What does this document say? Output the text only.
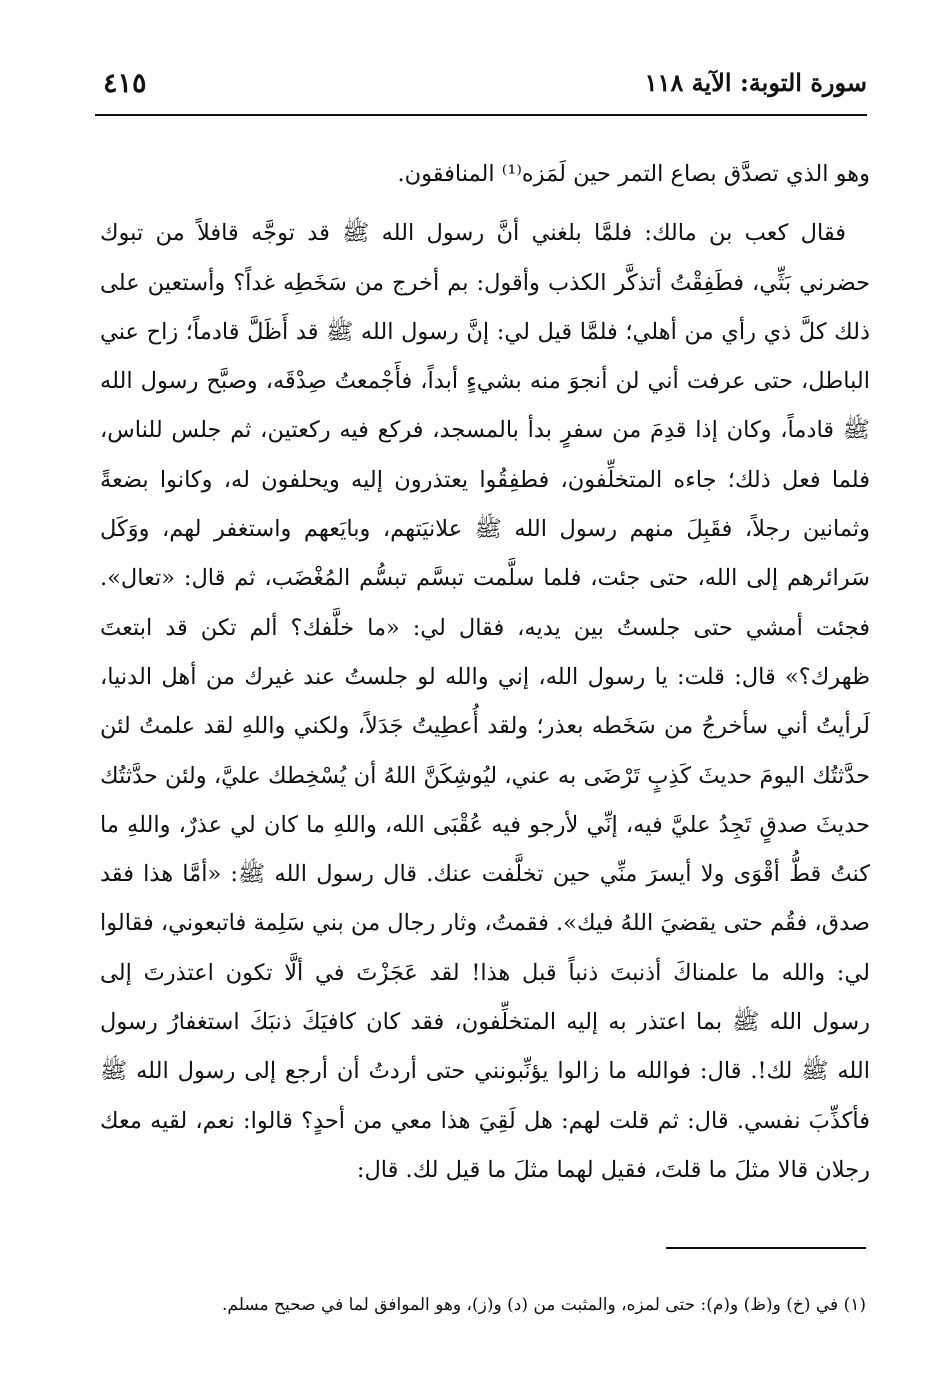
سورة التوبة: الآية ١١٨
٤١٥

وهو الذي تصدَّق بصاع التمر حين لَمَزه⁽¹⁾ المنافقون.

فقال كعب بن مالك: فلمَّا بلغني أنَّ رسول الله ﷺ قد توجَّه قافلاً من تبوك حضرني بَثِّي، فطَفِقْتُ أتذكَّر الكذب وأقول: بم أخرج من سَخَطِه غداً؟ وأستعين على ذلك كلَّ ذي رأي من أهلي؛ فلمَّا قيل لي: إنَّ رسول الله ﷺ قد أَظَلَّ قادماً؛ زاح عني الباطل، حتى عرفت أني لن أنجوَ منه بشيءٍ أبداً، فأَجْمعتُ صِدْقَه، وصبَّح رسول الله ﷺ قادماً، وكان إذا قدِمَ من سفرٍ بدأ بالمسجد، فركع فيه ركعتين، ثم جلس للناس، فلما فعل ذلك؛ جاءه المتخلِّفون، فطفِقُوا يعتذرون إليه ويحلفون له، وكانوا بضعةً وثمانين رجلاً، فقَبِلَ منهم رسول الله ﷺ علانيَتهم، وبايَعهم واستغفر لهم، ووَكَل سَرائرهم إلى الله، حتى جئت، فلما سلَّمت تبسَّم تبسُّم المُغْضَب، ثم قال: «تعال». فجئت أمشي حتى جلستُ بين يديه، فقال لي: «ما خلَّفك؟ ألم تكن قد ابتعتَ ظهرك؟» قال: قلت: يا رسول الله، إني والله لو جلستُ عند غيرك من أهل الدنيا، لَرأيتُ أني سأخرجُ من سَخَطه بعذر؛ ولقد أُعطِيتُ جَدَلاً، ولكني واللهِ لقد علمتُ لئن حدَّثتُك اليومَ حديثَ كَذِبٍ تَرْضَى به عني، ليُوشِكَنَّ اللهُ أن يُسْخِطك عليَّ، ولئن حدَّثتُك حديثَ صدقٍ تَجِدُ عليَّ فيه، إنِّي لأرجو فيه عُقْبَى الله، واللهِ ما كان لي عذرٌ، واللهِ ما كنتُ قطُّ أقْوَى ولا أيسرَ منِّي حين تخلَّفت عنك. قال رسول الله ﷺ: «أمَّا هذا فقد صدق، فقُم حتى يقضيَ اللهُ فيك». فقمتُ، وثار رجال من بني سَلِمة فاتبعوني، فقالوا لي: والله ما علمناكَ أذنبتَ ذنباً قبل هذا! لقد عَجَزْتَ في ألَّا تكون اعتذرتَ إلى رسول الله ﷺ بما اعتذر به إليه المتخلِّفون، فقد كان كافيَكَ ذنبَكَ استغفارُ رسول الله ﷺ لك!. قال: فوالله ما زالوا يؤنِّبونني حتى أردتُ أن أرجع إلى رسول الله ﷺ فأكذِّبَ نفسي. قال: ثم قلت لهم: هل لَقِيَ هذا معي من أحدٍ؟ قالوا: نعم، لقيه معك رجلان قالا مثلَ ما قلتَ، فقيل لهما مثلَ ما قيل لك. قال:

(١) في (خ) و(ظ) و(م): حتى لمزه، والمثبت من (د) و(ز)، وهو الموافق لما في صحيح مسلم.
